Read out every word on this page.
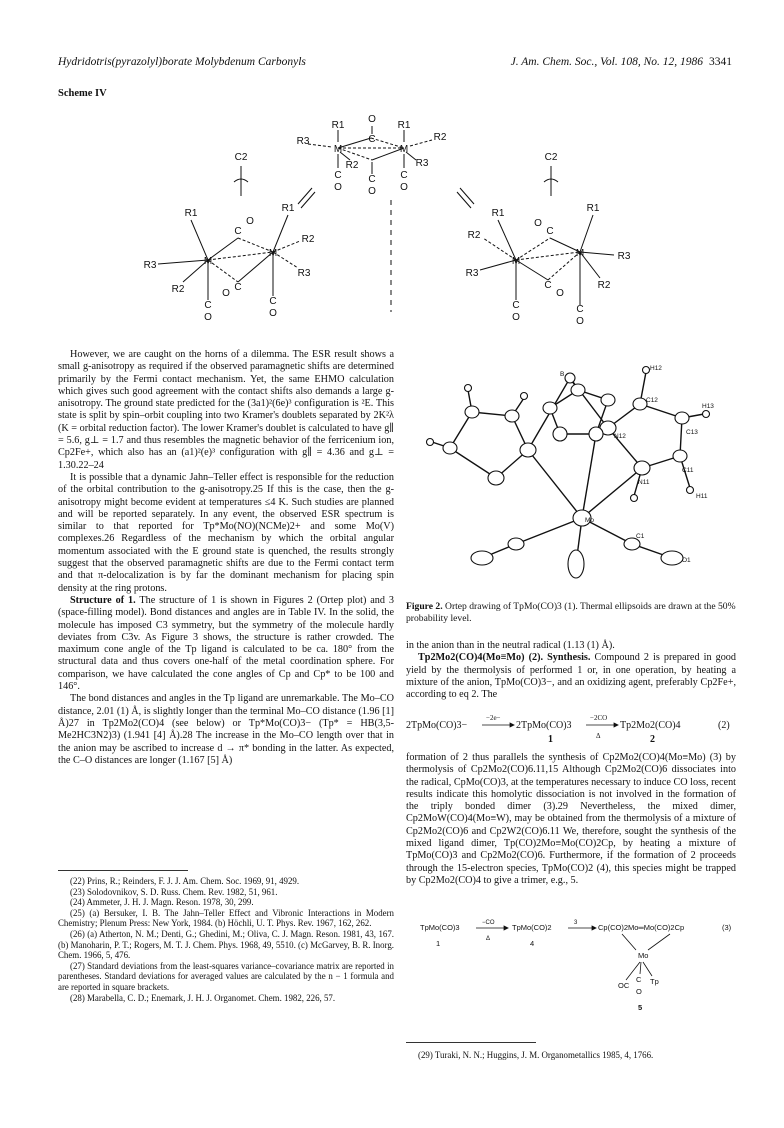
Hydridotris(pyrazolyl)borate Molybdenum Carbonyls	J. Am. Chem. Soc., Vol. 108, No. 12, 1986 3341
Scheme IV
R1	R1
O
C
M	M
R3	R2
R2	R3
C
O
C
O
C
O
C2
R1	R1
M
M
C
O
C
O
R3
R2
R2
R3
C
O
C
O
C2
R1	R1
M
M
C
O
C
O
R2
R3
R3
R2
C
O
C
O

However, we are caught on the horns of a dilemma. The ESR result shows a small g-anisotropy as required if the observed paramagnetic shifts are determined primarily by the Fermi contact mechanism. Yet, the same EHMO calculation which gives such good agreement with the contact shifts also demands a large g-anisotropy. The ground state predicted for the (3a1)²(6e)³ configuration is ²E. This state is split by spin–orbit coupling into two Kramer's doublets separated by 2K²λ (K = orbital reduction factor). The lower Kramer's doublet is calculated to have g∥ = 5.6, g⊥ = 1.7 and thus resembles the magnetic behavior of the ferricenium ion, Cp2Fe+, which also has an (a1)²(e)³ configuration with g∥ = 4.36 and g⊥ = 1.30.22–24

It is possible that a dynamic Jahn–Teller effect is responsible for the reduction of the orbital contribution to the g-anisotropy.25 If this is the case, then the g-anisotropy might become evident at temperatures ≤4 K. Such studies are planned and will be reported separately. In any event, the observed ESR spectrum is similar to that reported for Tp*Mo(NO)(NCMe)2+ and some Mo(V) complexes.26 Regardless of the mechanism by which the orbital angular momentum associated with the E ground state is quenched, the results strongly suggest that the observed paramagnetic shifts are due to the Fermi contact term and that π-delocalization is by far the dominant mechanism for placing spin density at the ring protons.

Structure of 1. The structure of 1 is shown in Figures 2 (Ortep plot) and 3 (space-filling model). Bond distances and angles are in Table IV. In the solid, the molecule has imposed C3 symmetry, but the symmetry of the molecule hardly deviates from C3v. As Figure 3 shows, the structure is rather crowded. The maximum cone angle of the Tp ligand is calculated to be ca. 180° from the structural data and thus covers one-half of the metal coordination sphere. For comparison, we have calculated the cone angles of Cp and Cp* to be 100 and 146°.

The bond distances and angles in the Tp ligand are unremarkable. The Mo–CO distance, 2.01 (1) Å, is slightly longer than the terminal Mo–CO distance (1.96 [1] Å)27 in Tp2Mo2(CO)4 (see below) or Tp*Mo(CO)3− (Tp* = HB(3,5-Me2HC3N2)3) (1.941 [4] Å).28 The increase in the Mo–CO length over that in the anion may be ascribed to increase d → π* bonding in the latter. As expected, the C–O distances are longer (1.167 [5] Å)

(22) Prins, R.; Reinders, F. J. J. Am. Chem. Soc. 1969, 91, 4929.

(23) Solodovnikov, S. D. Russ. Chem. Rev. 1982, 51, 961.

(24) Ammeter, J. H. J. Magn. Reson. 1978, 30, 299.

(25) (a) Bersuker, I. B. The Jahn–Teller Effect and Vibronic Interactions in Modern Chemistry; Plenum Press: New York, 1984. (b) Höchli, U. T. Phys. Rev. 1967, 162, 262.

(26) (a) Atherton, N. M.; Denti, G.; Ghedini, M.; Oliva, C. J. Magn. Reson. 1981, 43, 167. (b) Manoharin, P. T.; Rogers, M. T. J. Chem. Phys. 1968, 49, 5510. (c) McGarvey, B. R. Inorg. Chem. 1966, 5, 476.

(27) Standard deviations from the least-squares variance–covariance matrix are reported in parentheses. Standard deviations for averaged values are calculated by the n − 1 formula and are reported in square brackets.

(28) Marabella, C. D.; Enemark, J. H. J. Organomet. Chem. 1982, 226, 57.

Mo
B
C1
O1
H12
C12
H13
C13
C11
H11
N12
N11
Figure 2. Ortep drawing of TpMo(CO)3 (1). Thermal ellipsoids are drawn at the 50% probability level.

in the anion than in the neutral radical (1.13 (1) Å).

Tp2Mo2(CO)4(Mo≡Mo) (2). Synthesis. Compound 2 is prepared in good yield by the thermolysis of performed 1 or, in one operation, by heating a mixture of the anion, TpMo(CO)3−, and an oxidizing agent, preferably Cp2Fe+, according to eq 2. The

2TpMo(CO)3−
−2e−
2TpMo(CO)3
1
−2CO
Δ
Tp2Mo2(CO)4
2
(2)

formation of 2 thus parallels the synthesis of Cp2Mo2(CO)4(Mo≡Mo) (3) by thermolysis of Cp2Mo2(CO)6.11,15 Although Cp2Mo2(CO)6 dissociates into the radical, CpMo(CO)3, at the temperatures necessary to induce CO loss, recent results indicate this homolytic dissociation is not involved in the formation of the triply bonded dimer (3).29 Nevertheless, the mixed dimer, Cp2MoW(CO)4(Mo≡W), may be obtained from the thermolysis of a mixture of Cp2Mo2(CO)6 and Cp2W2(CO)6.11 We, therefore, sought the synthesis of the mixed ligand dimer, Tp(CO)2Mo≡Mo(CO)2Cp, by heating a mixture of TpMo(CO)3 and Cp2Mo2(CO)6. Furthermore, if the formation of 2 proceeds through the 15-electron species, TpMo(CO)2 (4), this species might be trapped by Cp2Mo2(CO)4 to give a trimer, e.g., 5.

TpMo(CO)3
1
−CO
Δ
TpMo(CO)2
4
3	Cp(CO)2Mo═Mo(CO)2Cp
Mo
OC
C
O
Tp
5
(3)

(29) Turaki, N. N.; Huggins, J. M. Organometallics 1985, 4, 1766.
